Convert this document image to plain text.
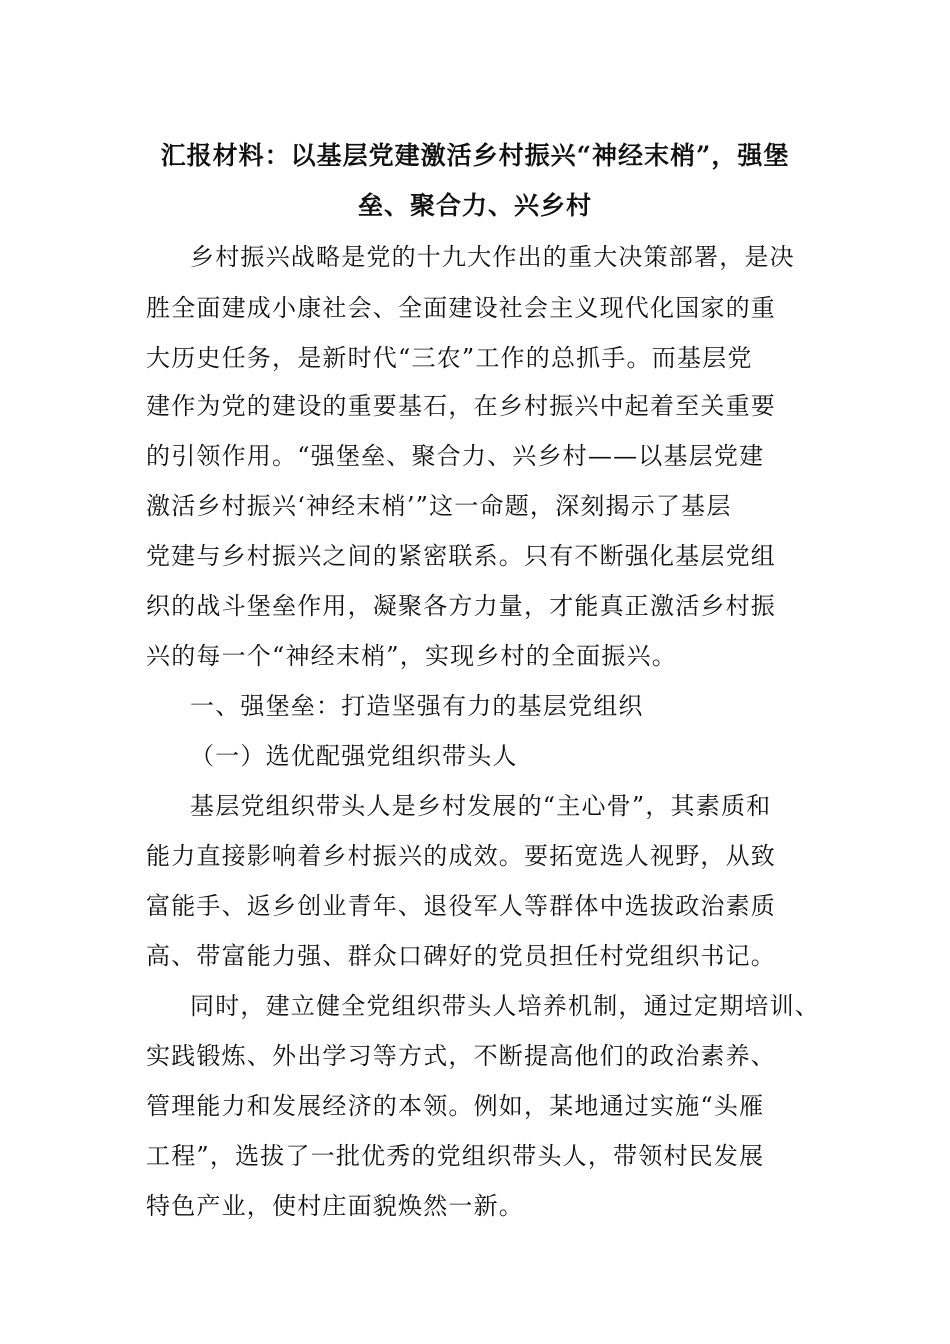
汇报材料：以基层党建激活乡村振兴“神经末梢”，强堡
垒、聚合力、兴乡村
乡村振兴战略是党的十九大作出的重大决策部署，是决
胜全面建成小康社会、全面建设社会主义现代化国家的重
大历史任务，是新时代“三农”工作的总抓手。而基层党
建作为党的建设的重要基石，在乡村振兴中起着至关重要
的引领作用。“强堡垒、聚合力、兴乡村——以基层党建
激活乡村振兴‘神经末梢’”这一命题，深刻揭示了基层
党建与乡村振兴之间的紧密联系。只有不断强化基层党组
织的战斗堡垒作用，凝聚各方力量，才能真正激活乡村振
兴的每一个“神经末梢”，实现乡村的全面振兴。
一、强堡垒：打造坚强有力的基层党组织
（一）选优配强党组织带头人
基层党组织带头人是乡村发展的“主心骨”，其素质和
能力直接影响着乡村振兴的成效。要拓宽选人视野，从致
富能手、返乡创业青年、退役军人等群体中选拔政治素质
高、带富能力强、群众口碑好的党员担任村党组织书记。
同时，建立健全党组织带头人培养机制，通过定期培训、
实践锻炼、外出学习等方式，不断提高他们的政治素养、
管理能力和发展经济的本领。例如，某地通过实施“头雁
工程”，选拔了一批优秀的党组织带头人，带领村民发展
特色产业，使村庄面貌焕然一新。
